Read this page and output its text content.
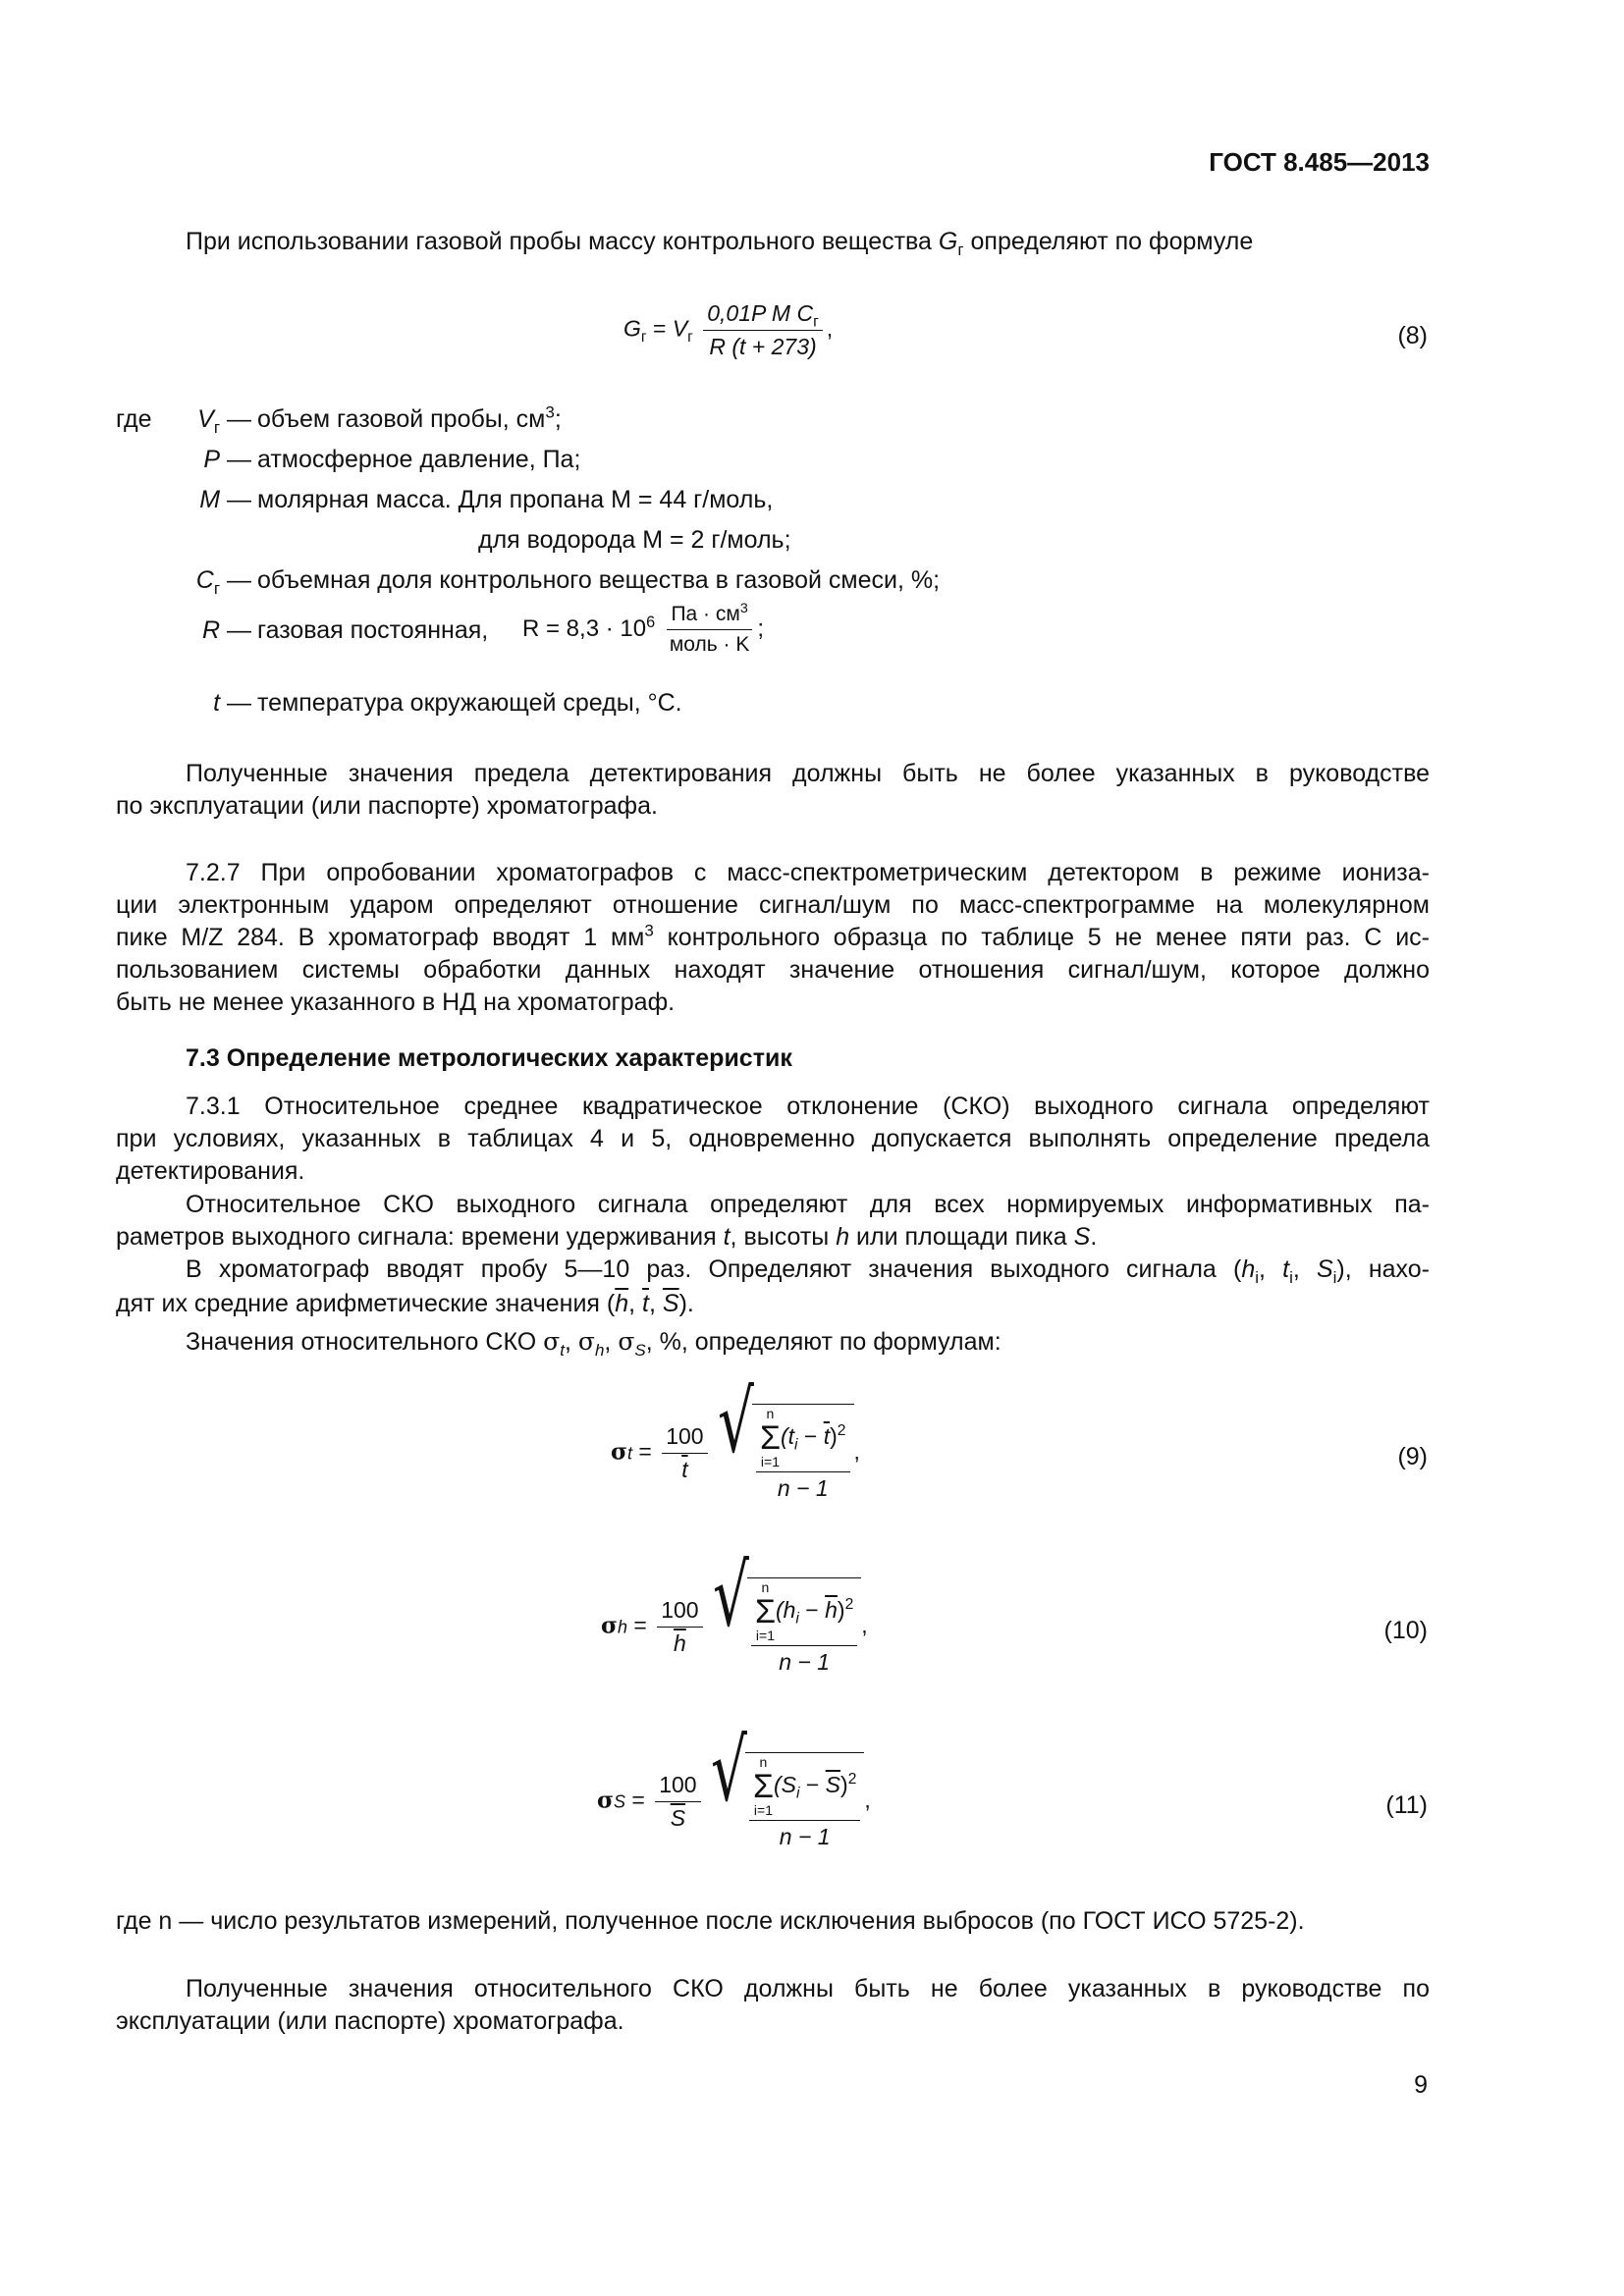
ГОСТ 8.485—2013
При использовании газовой пробы массу контрольного вещества $G_г$ определяют по формуле
$G_г = V_г \frac{0,01P M C_г}{R (t + 273)}$ ,	(8)
где	$V_г$ — объем газовой пробы, $см^3$;
P — атмосферное давление, Па;
M — молярная масса. Для пропана M = 44 г/моль,
для водорода M = 2 г/моль;
$C_г$ — объемная доля контрольного вещества в газовой смеси, %;
R — газовая постоянная, $R = 8,3 \cdot 10^6 \frac{Па \cdot см^3}{\text{моль · K}}$ ;
t — температура окружающей среды, °С.
Полученные значения предела детектирования должны быть не более указанных в руководстве
по эксплуатации (или паспорте) хроматографа.
7.2.7 При опробовании хроматографов с масс-спектрометрическим детектором в режиме иониза-
ции электронным ударом определяют отношение сигнал/шум по масс-спектрограмме на молекулярном
пике M/Z 284. В хроматограф вводят 1 $мм^3$ контрольного образца по таблице 5 не менее пяти раз. С ис-
пользованием системы обработки данных находят значение отношения сигнал/шум, которое должно
быть не менее указанного в НД на хроматограф.
7.3 Определение метрологических характеристик
7.3.1 Относительное среднее квадратическое отклонение (СКО) выходного сигнала определяют
при условиях, указанных в таблицах 4 и 5, одновременно допускается выполнять определение предела
детектирования.
Относительное СКО выходного сигнала определяют для всех нормируемых информативных па-
раметров выходного сигнала: времени удерживания t, высоты h или площади пика S.
В хроматограф вводят пробу 5—10 раз. Определяют значения выходного сигнала ($h_i$, $t_i$, $S_i$), нахо-
дят их средние арифметические значения ($\overline{h}$, $\overline{t}$, $\overline{S}$).
Значения относительного СКО $\sigma_t$, $\sigma_h$, $\sigma_S$, %, определяют по формулам:
$\sigma t = \frac{100}{t}$
√ n
Σ
i=1
$(t_i - \overline{t})^2$
n − 1 ,	(9)
$\sigma h = \frac{100}{h}$
√ n
Σ
i=1
$(h_i - \overline{h})^2$
n − 1 ,	(10)
$\sigma S = \frac{100}{S}$
√ n
Σ
i=1
$(S_i - \overline{S})^2$
n − 1 ,	(11)
где n — число результатов измерений, полученное после исключения выбросов (по ГОСТ ИСО 5725-2).
Полученные значения относительного СКО должны быть не более указанных в руководстве по
эксплуатации (или паспорте) хроматографа.
9
